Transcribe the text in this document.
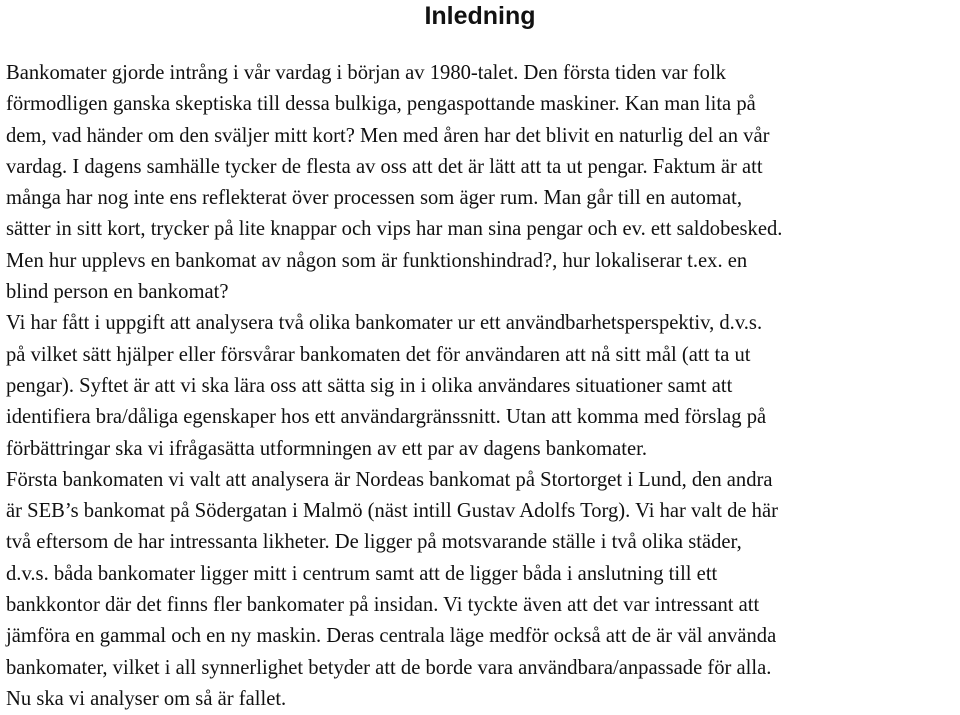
Inledning

Bankomater gjorde intrång i vår vardag i början av 1980-talet. Den första tiden var folk
förmodligen ganska skeptiska till dessa bulkiga, pengaspottande maskiner. Kan man lita på
dem, vad händer om den sväljer mitt kort? Men med åren har det blivit en naturlig del an vår
vardag. I dagens samhälle tycker de flesta av oss att det är lätt att ta ut pengar. Faktum är att
många har nog inte ens reflekterat över processen som äger rum. Man går till en automat,
sätter in sitt kort, trycker på lite knappar och vips har man sina pengar och ev. ett saldobesked.
Men hur upplevs en bankomat av någon som är funktionshindrad?, hur lokaliserar t.ex. en
blind person en bankomat?

Vi har fått i uppgift att analysera två olika bankomater ur ett användbarhetsperspektiv, d.v.s.
på vilket sätt hjälper eller försvårar bankomaten det för användaren att nå sitt mål (att ta ut
pengar). Syftet är att vi ska lära oss att sätta sig in i olika användares situationer samt att
identifiera bra/dåliga egenskaper hos ett användargränssnitt. Utan att komma med förslag på
förbättringar ska vi ifrågasätta utformningen av ett par av dagens bankomater.

Första bankomaten vi valt att analysera är Nordeas bankomat på Stortorget i Lund, den andra
är SEB’s bankomat på Södergatan i Malmö (näst intill Gustav Adolfs Torg). Vi har valt de här
två eftersom de har intressanta likheter. De ligger på motsvarande ställe i två olika städer,
d.v.s. båda bankomater ligger mitt i centrum samt att de ligger båda i anslutning till ett
bankkontor där det finns fler bankomater på insidan. Vi tyckte även att det var intressant att
jämföra en gammal och en ny maskin. Deras centrala läge medför också att de är väl använda
bankomater, vilket i all synnerlighet betyder att de borde vara användbara/anpassade för alla.
Nu ska vi analyser om så är fallet.
